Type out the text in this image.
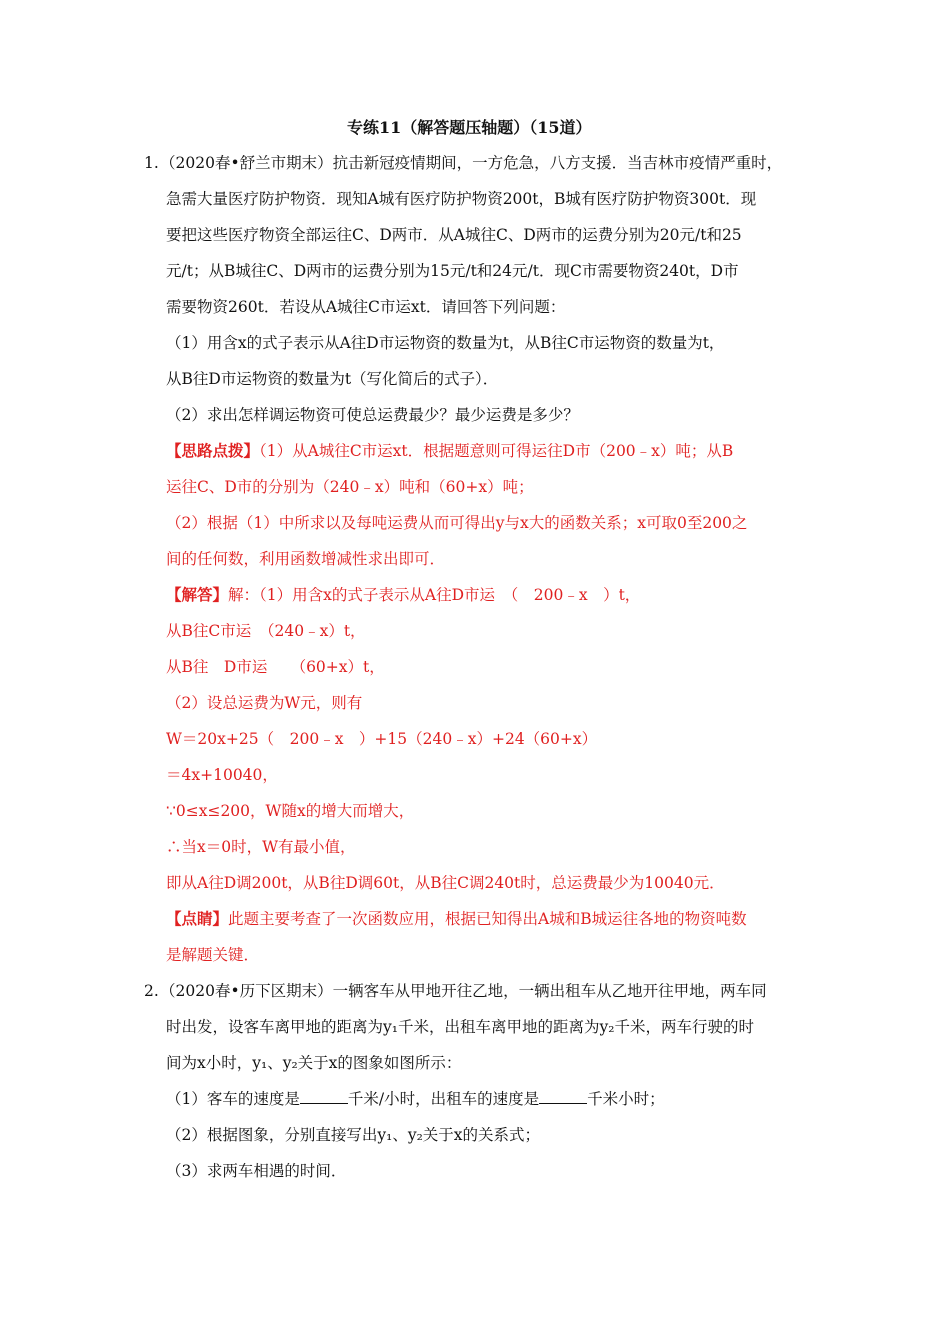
专练11（解答题压轴题）（15道）
1. （2020春•舒兰市期末）抗击新冠疫情期间，一方危急，八方支援．当吉林市疫情严重时，
急需大量医疗防护物资．现知A城有医疗防护物资200t，B城有医疗防护物资300t．现
要把这些医疗物资全部运往C、D两市．从A城往C、D两市的运费分别为20元/t和25
元/t；从B城往C、D两市的运费分别为15元/t和24元/t．现C市需要物资240t，D市
需要物资260t．若设从A城往C市运xt．请回答下列问题：
（1）用含x的式子表示从A往D市运物资的数量为t，从B往C市运物资的数量为t，
从B往D市运物资的数量为t（写化简后的式子）．
（2）求出怎样调运物资可使总运费最少？最少运费是多少？
【思路点拨】（1）从A城往C市运xt．根据题意则可得运往D市（200﹣x）吨；从B
运往C、D市的分别为（240﹣x）吨和（60+x）吨；
（2）根据（1）中所求以及每吨运费从而可得出y与x大的函数关系；x可取0至200之
间的任何数，利用函数增减性求出即可．
【解答】解：（1）用含x的式子表示从A往D市运　（　200﹣x　）t，
从B往C市运　（240﹣x）t，
从B往　D市运　　（60+x）t，
（2）设总运费为W元，则有
W＝20x+25（　200﹣x　）+15（240﹣x）+24（60+x）
＝4x+10040，
∵0≤x≤200，W随x的增大而增大，
∴当x＝0时，W有最小值，
即从A往D调200t，从B往D调60t，从B往C调240t时，总运费最少为10040元．
【点睛】此题主要考查了一次函数应用，根据已知得出A城和B城运往各地的物资吨数
是解题关键．
2. （2020春•历下区期末）一辆客车从甲地开往乙地，一辆出租车从乙地开往甲地，两车同
时出发，设客车离甲地的距离为y₁千米，出租车离甲地的距离为y₂千米，两车行驶的时
间为x小时，y₁、y₂关于x的图象如图所示：
（1）客车的速度是	千米/小时，出租车的速度是	千米小时；
（2）根据图象，分别直接写出y₁、y₂关于x的关系式；
（3）求两车相遇的时间．
